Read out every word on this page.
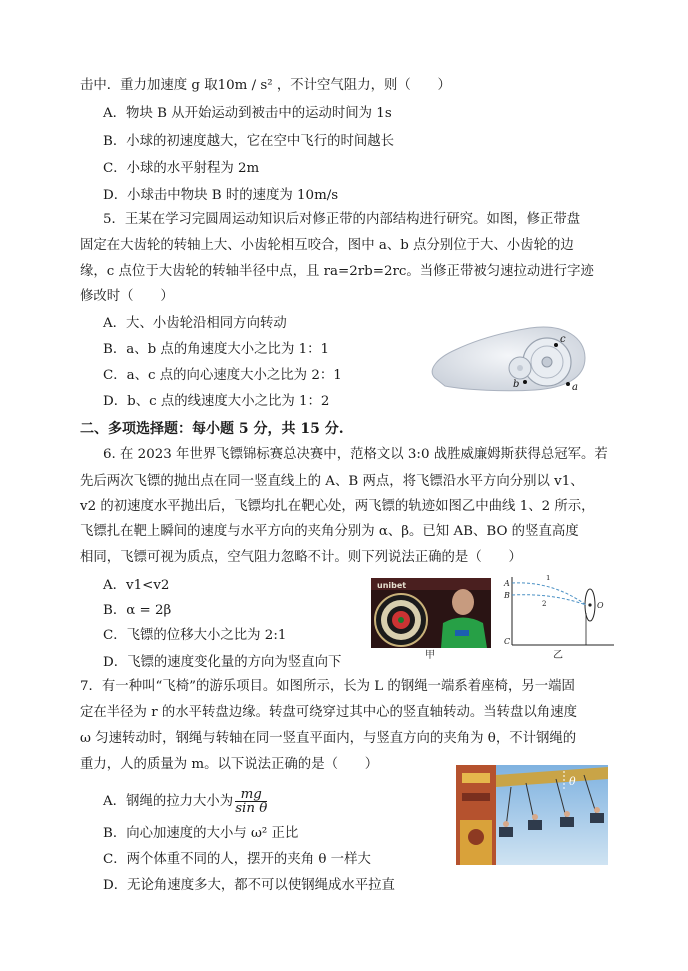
击中．重力加速度 g 取10m / s² ，不计空气阻力，则（　　）
A．物块 B 从开始运动到被击中的运动时间为 1s
B．小球的初速度越大，它在空中飞行的时间越长
C．小球的水平射程为 2m
D．小球击中物块 B 时的速度为 10m/s
5．王某在学习完圆周运动知识后对修正带的内部结构进行研究。如图，修正带盘
固定在大齿轮的转轴上大、小齿轮相互咬合，图中 a、b 点分别位于大、小齿轮的边
缘，c 点位于大齿轮的转轴半径中点，且 ra=2rb=2rc。当修正带被匀速拉动进行字迹
修改时（　　）
A．大、小齿轮沿相同方向转动
B．a、b 点的角速度大小之比为 1：1
C．a、c 点的向心速度大小之比为 2：1
D．b、c 点的线速度大小之比为 1：2
c
b	a
二、多项选择题：每小题 5 分，共 15 分.
6. 在 2023 年世界飞镖锦标赛总决赛中，范格文以 3:0 战胜威廉姆斯获得总冠军。若
先后两次飞镖的抛出点在同一竖直线上的 A、B 两点，将飞镖沿水平方向分别以 v1、
v2 的初速度水平抛出后，飞镖均扎在靶心处，两飞镖的轨迹如图乙中曲线 1、2 所示，
飞镖扎在靶上瞬间的速度与水平方向的夹角分别为 α、β。已知 AB、BO 的竖直高度
相同，飞镖可视为质点，空气阻力忽略不计。则下列说法正确的是（　　）
A．v1<v2
B．α = 2β
C．飞镖的位移大小之比为 2:1
D．飞镖的速度变化量的方向为竖直向下
unibet
甲
A
B
C
O
1
2
乙
7．有一种叫“飞椅”的游乐项目。如图所示，长为 L 的钢绳一端系着座椅，另一端固
定在半径为 r 的水平转盘边缘。转盘可绕穿过其中心的竖直轴转动。当转盘以角速度
ω 匀速转动时，钢绳与转轴在同一竖直平面内，与竖直方向的夹角为 θ，不计钢绳的
重力，人的质量为 m。以下说法正确的是（　　）
A．钢绳的拉力大小为 $\frac{mg}{\text{sin θ}}$
B．向心加速度的大小与 ω² 正比
C．两个体重不同的人，摆开的夹角 θ 一样大
D．无论角速度多大，都不可以使钢绳成水平拉直
θ
